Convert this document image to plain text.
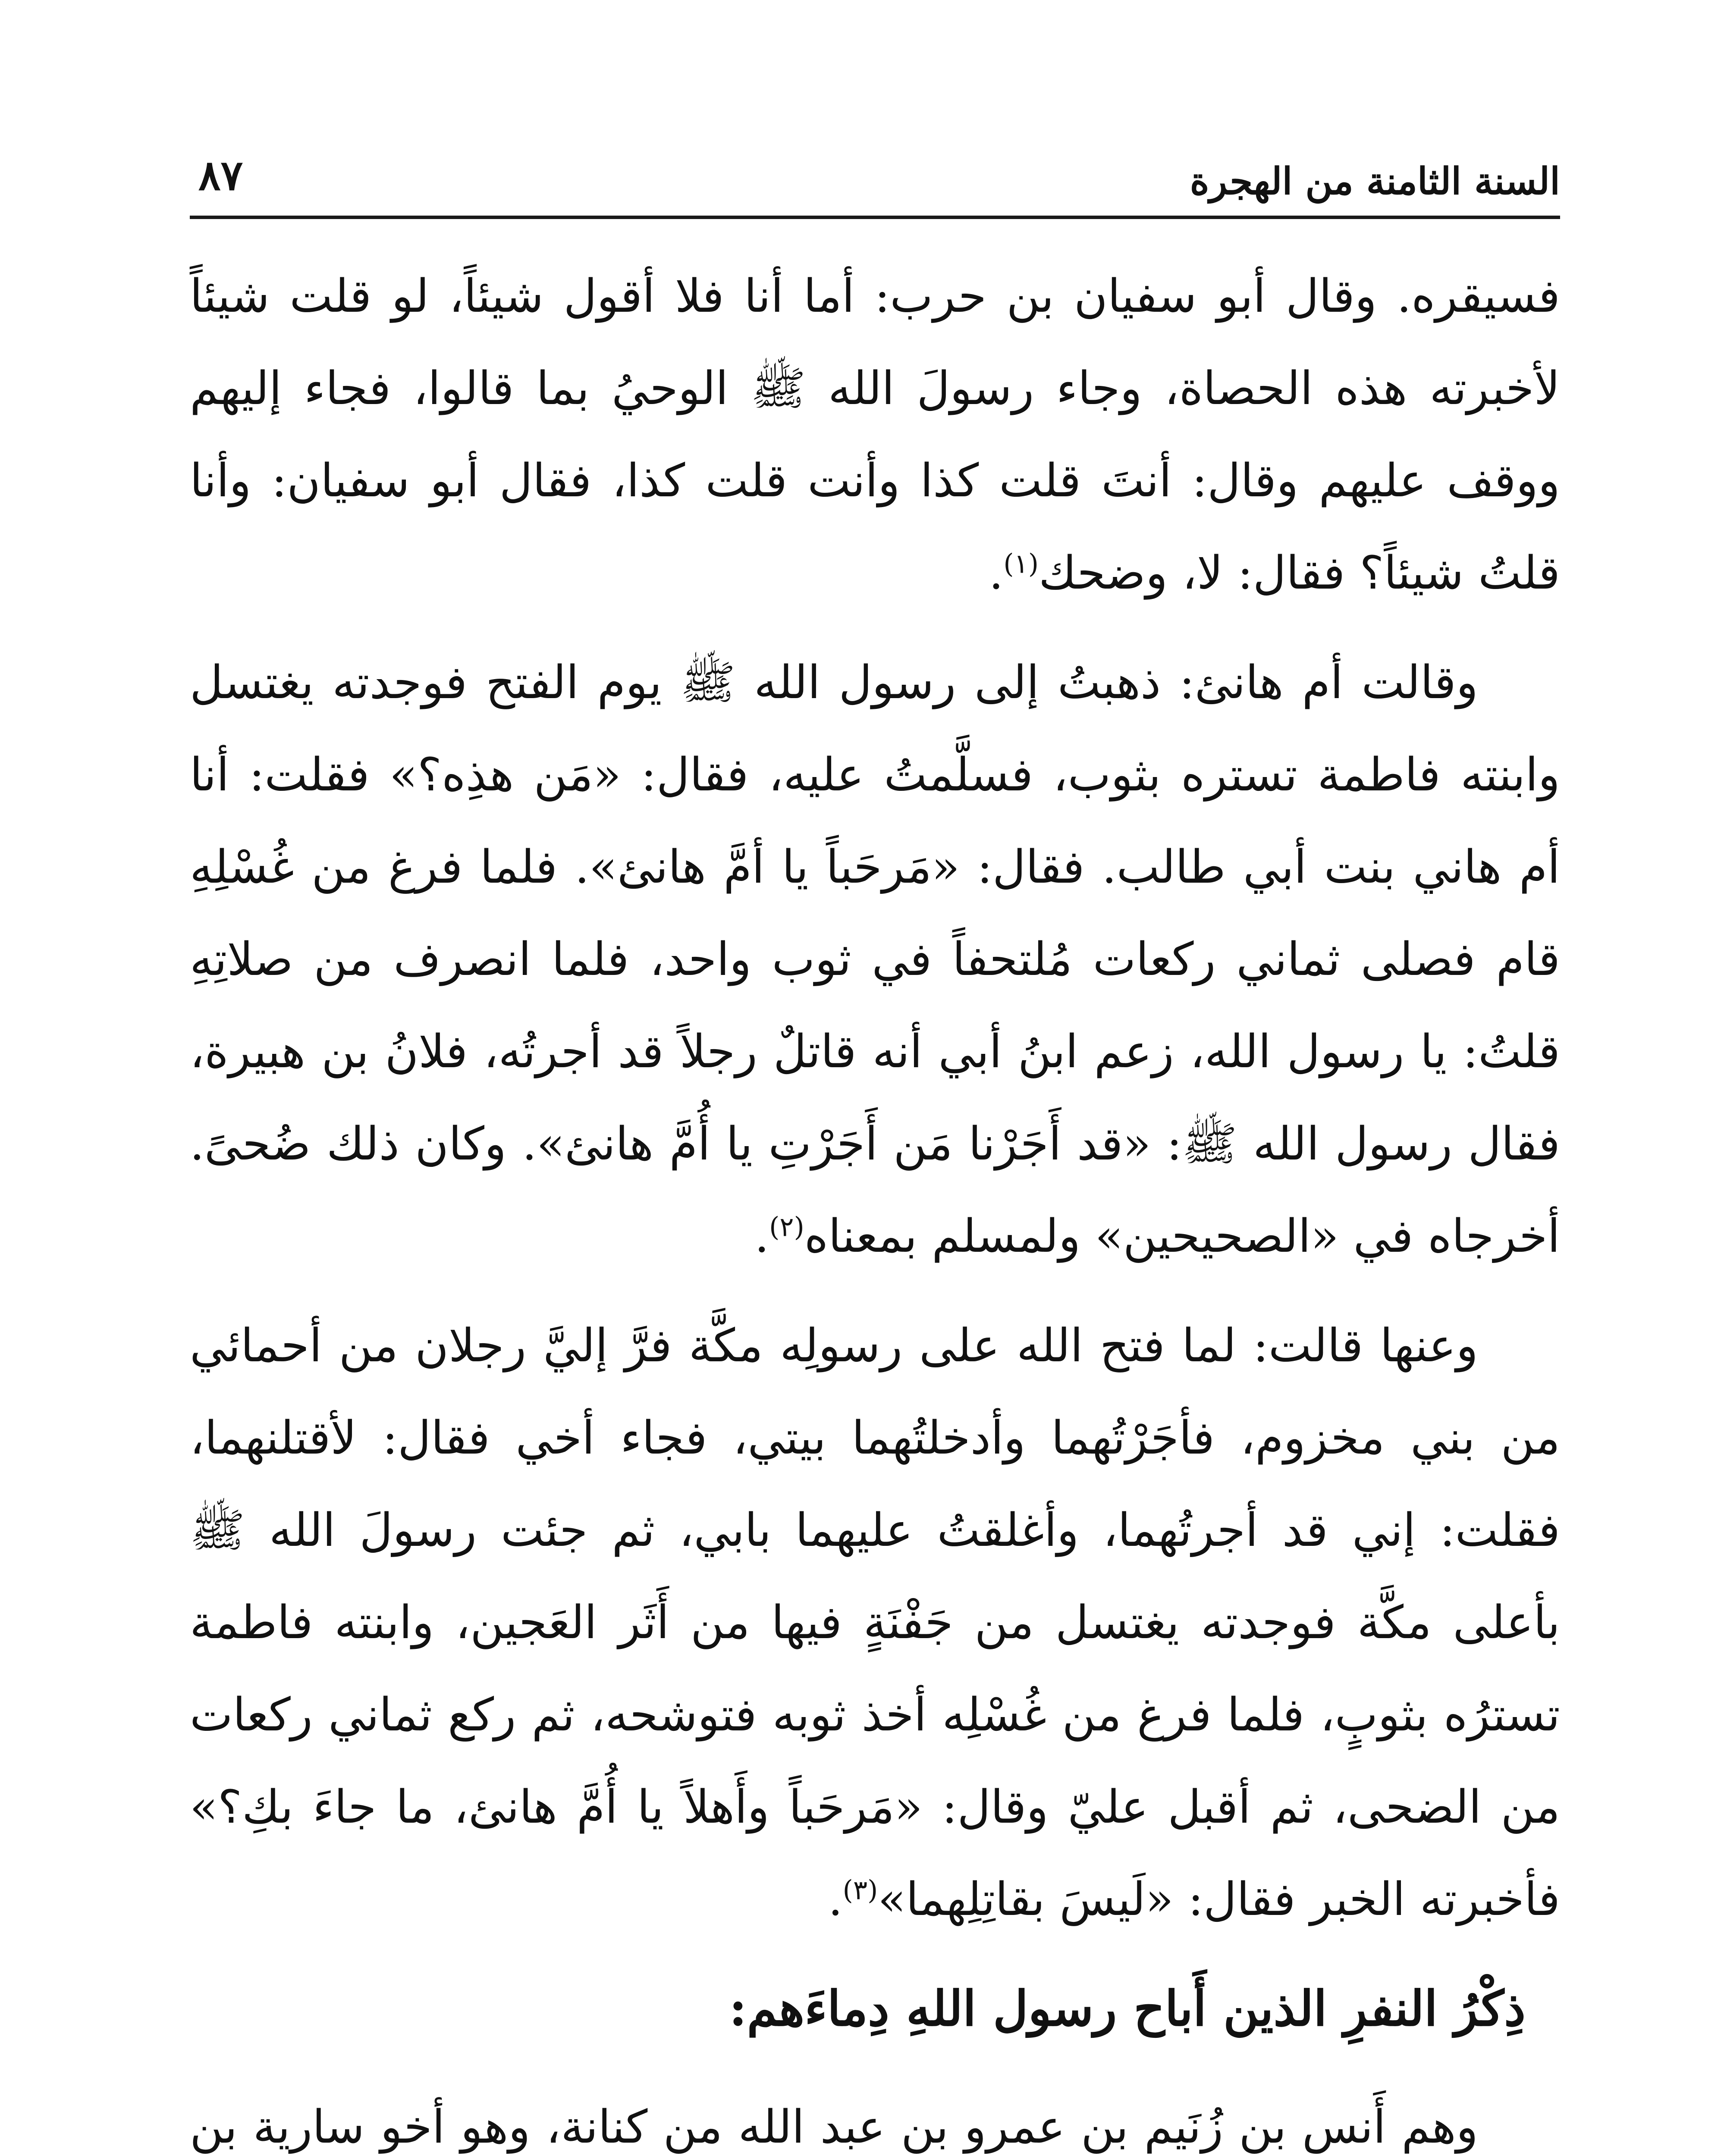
السنة الثامنة من الهجرة
٨٧

فسيقره. وقال أبو سفيان بن حرب: أما أنا فلا أقول شيئاً، لو قلت شيئاً لأخبرته هذه الحصاة، وجاء رسولَ الله ﷺ الوحيُ بما قالوا، فجاء إليهم ووقف عليهم وقال: أنتَ قلت كذا وأنت قلت كذا، فقال أبو سفيان: وأنا قلتُ شيئاً؟ فقال: لا، وضحك$^{(١)}$.

وقالت أم هانئ: ذهبتُ إلى رسول الله ﷺ يوم الفتح فوجدته يغتسل وابنته فاطمة تستره بثوب، فسلَّمتُ عليه، فقال: «مَن هذِه؟» فقلت: أنا أم هاني بنت أبي طالب. فقال: «مَرحَباً يا أمَّ هانئ». فلما فرغ من غُسْلِهِ قام فصلى ثماني ركعات مُلتحفاً في ثوب واحد، فلما انصرف من صلاتِهِ قلتُ: يا رسول الله، زعم ابنُ أبي أنه قاتلٌ رجلاً قد أجرتُه، فلانُ بن هبيرة، فقال رسول الله ﷺ: «قد أَجَرْنا مَن أَجَرْتِ يا أُمَّ هانئ». وكان ذلك ضُحىً. أخرجاه في «الصحيحين» ولمسلم بمعناه$^{(٢)}$.

وعنها قالت: لما فتح الله على رسولِه مكَّة فرَّ إليَّ رجلان من أحمائي من بني مخزوم، فأجَرْتُهما وأدخلتُهما بيتي، فجاء أخي فقال: لأقتلنهما، فقلت: إني قد أجرتُهما، وأغلقتُ عليهما بابي، ثم جئت رسولَ الله ﷺ بأعلى مكَّة فوجدته يغتسل من جَفْنَةٍ فيها من أَثَر العَجين، وابنته فاطمة تسترُه بثوبٍ، فلما فرغ من غُسْلِه أخذ ثوبه فتوشحه، ثم ركع ثماني ركعات من الضحى، ثم أقبل عليّ وقال: «مَرحَباً وأَهلاً يا أُمَّ هانئ، ما جاءَ بكِ؟» فأخبرته الخبر فقال: «لَيسَ بقاتِلِهما»$^{(٣)}$.

ذِكْرُ النفرِ الذين أَباح رسول اللهِ دِماءَهم:

وهم أَنس بن زُنَيم بن عمرو بن عبد الله من كنانة، وهو أخو سارية بنِ
